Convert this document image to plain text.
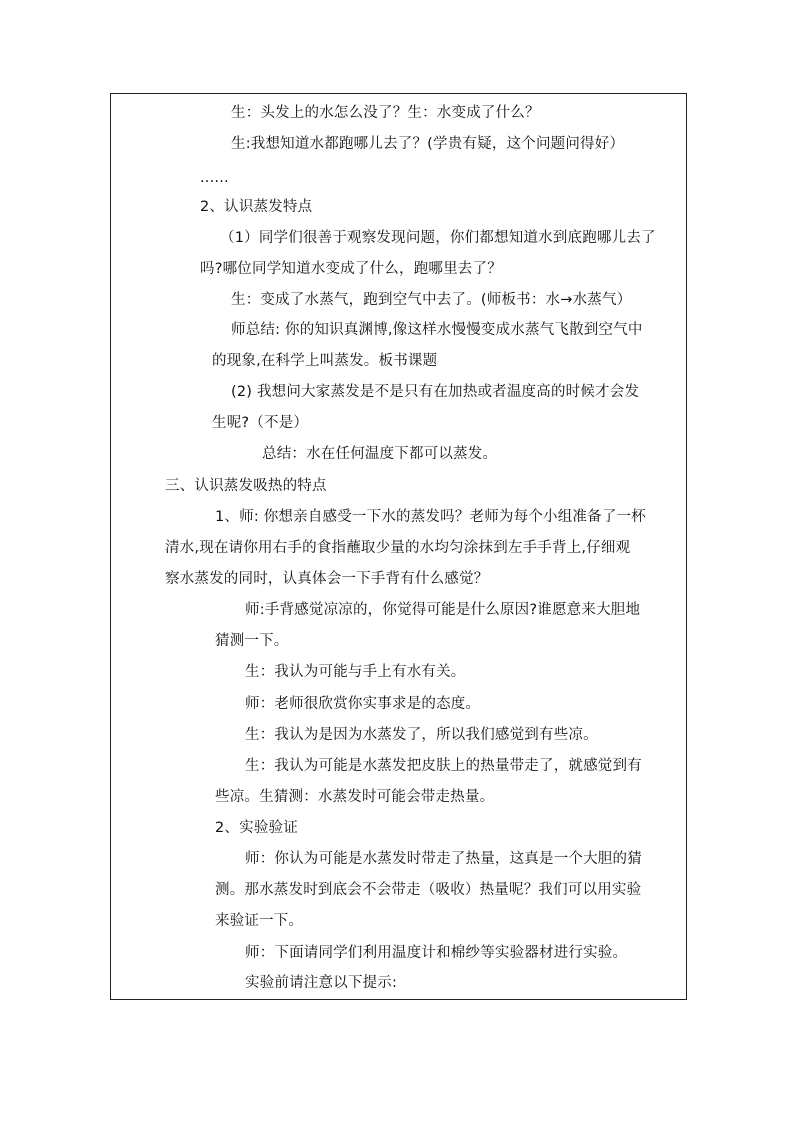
生：头发上的水怎么没了？生：水变成了什么？
生:我想知道水都跑哪儿去了？(学贵有疑，这个问题问得好）
......
2、认识蒸发特点
（1）同学们很善于观察发现问题，你们都想知道水到底跑哪儿去了
吗?哪位同学知道水变成了什么，跑哪里去了？
生：变成了水蒸气，跑到空气中去了。(师板书：水→水蒸气）
师总结: 你的知识真渊博,像这样水慢慢变成水蒸气飞散到空气中
的现象,在科学上叫蒸发。板书课题
(2) 我想问大家蒸发是不是只有在加热或者温度高的时候才会发
生呢?（不是）
总结：水在任何温度下都可以蒸发。
三、认识蒸发吸热的特点
1、师: 你想亲自感受一下水的蒸发吗？老师为每个小组准备了一杯
清水,现在请你用右手的食指蘸取少量的水均匀涂抹到左手手背上,仔细观
察水蒸发的同时，认真体会一下手背有什么感觉？
师:手背感觉凉凉的，你觉得可能是什么原因?谁愿意来大胆地
猜测一下。
生：我认为可能与手上有水有关。
师：老师很欣赏你实事求是的态度。
生：我认为是因为水蒸发了，所以我们感觉到有些凉。
生：我认为可能是水蒸发把皮肤上的热量带走了，就感觉到有
些凉。生猜测：水蒸发时可能会带走热量。
2、实验验证
师：你认为可能是水蒸发时带走了热量，这真是一个大胆的猜
测。那水蒸发时到底会不会带走（吸收）热量呢？我们可以用实验
来验证一下。
师：下面请同学们利用温度计和棉纱等实验器材进行实验。
实验前请注意以下提示:
